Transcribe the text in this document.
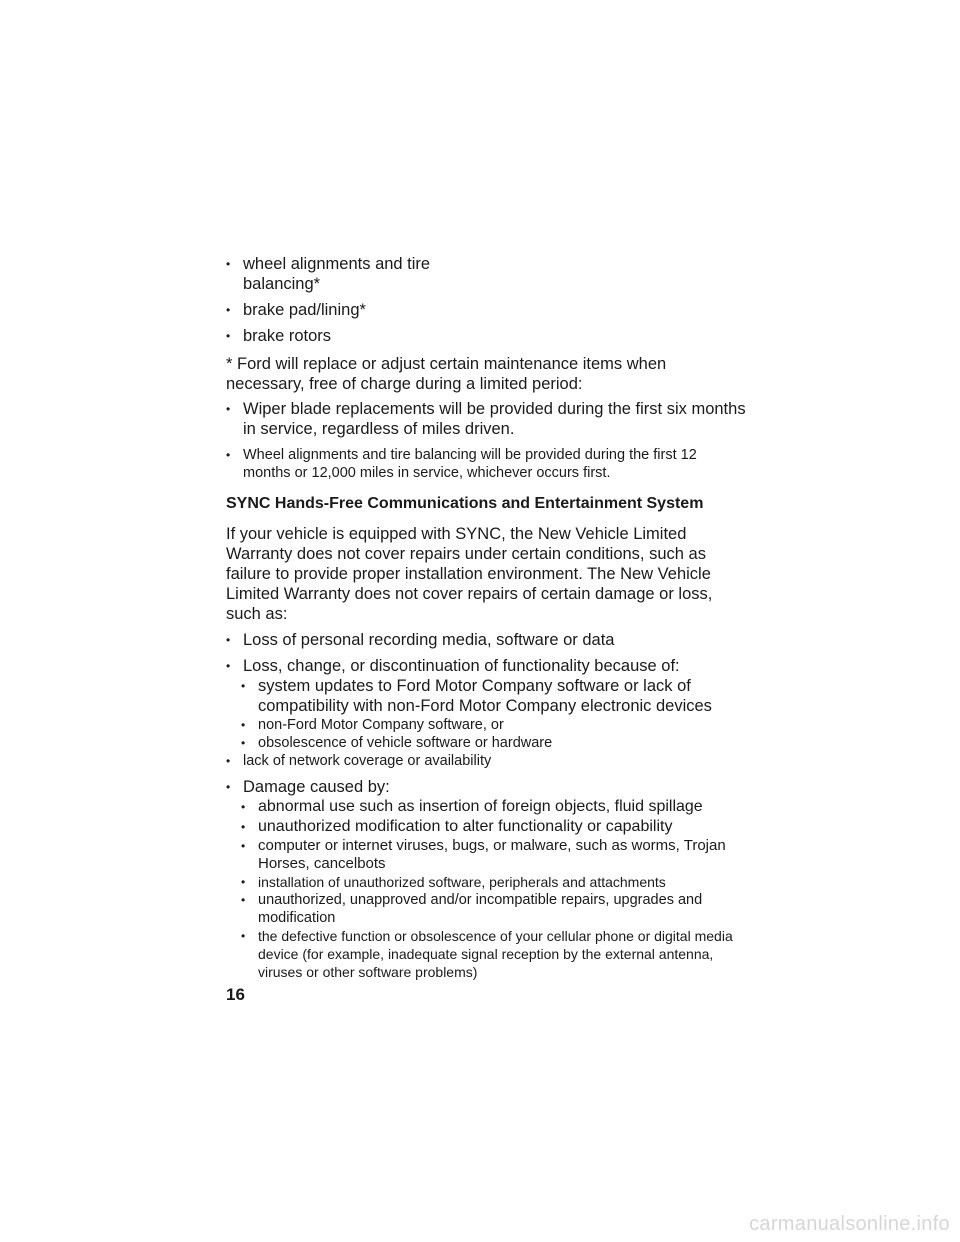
• wheel alignments and tire balancing*
• brake pad/lining*
• brake rotors
* Ford will replace or adjust certain maintenance items when necessary, free of charge during a limited period:
• Wiper blade replacements will be provided during the first six months in service, regardless of miles driven.
• Wheel alignments and tire balancing will be provided during the first 12 months or 12,000 miles in service, whichever occurs first.
SYNC Hands-Free Communications and Entertainment System
If your vehicle is equipped with SYNC, the New Vehicle Limited Warranty does not cover repairs under certain conditions, such as failure to provide proper installation environment. The New Vehicle Limited Warranty does not cover repairs of certain damage or loss, such as:
• Loss of personal recording media, software or data
• Loss, change, or discontinuation of functionality because of:
• system updates to Ford Motor Company software or lack of compatibility with non-Ford Motor Company electronic devices
• non-Ford Motor Company software, or
• obsolescence of vehicle software or hardware
• lack of network coverage or availability
• Damage caused by:
• abnormal use such as insertion of foreign objects, fluid spillage
• unauthorized modification to alter functionality or capability
• computer or internet viruses, bugs, or malware, such as worms, Trojan Horses, cancelbots
• installation of unauthorized software, peripherals and attachments
• unauthorized, unapproved and/or incompatible repairs, upgrades and modification
• the defective function or obsolescence of your cellular phone or digital media device (for example, inadequate signal reception by the external antenna, viruses or other software problems)
16
carmanualsonline.info
